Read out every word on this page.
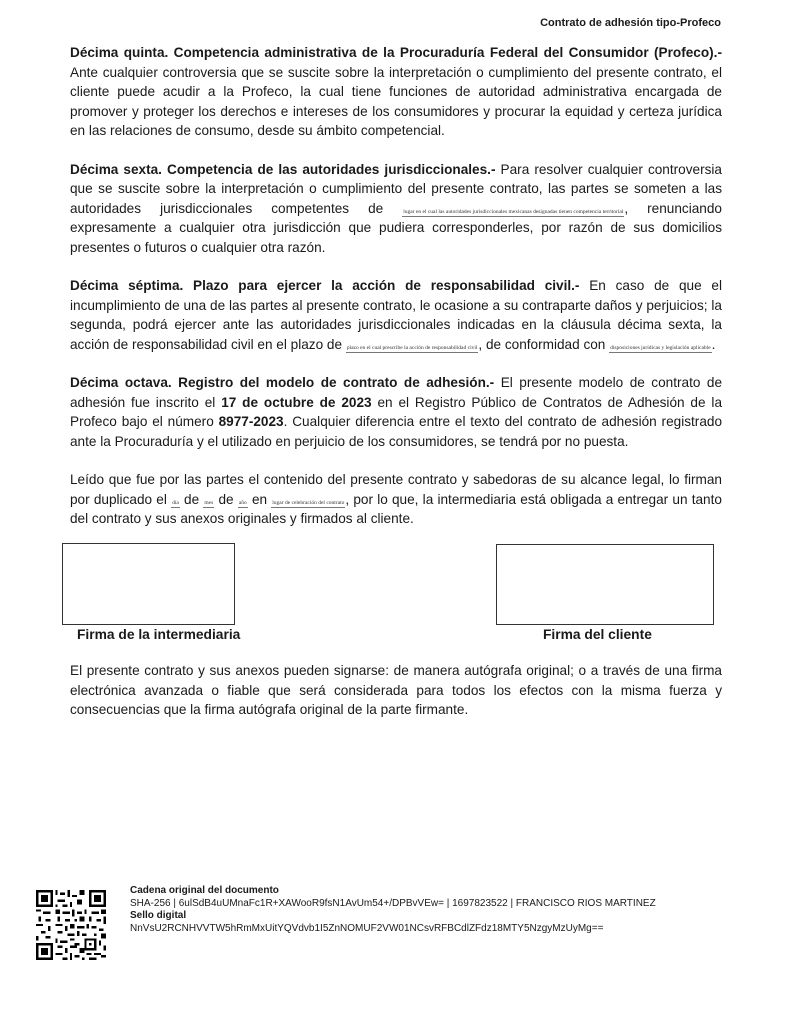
Contrato de adhesión tipo-Profeco

Décima quinta. Competencia administrativa de la Procuraduría Federal del Consumidor (Profeco).- Ante cualquier controversia que se suscite sobre la interpretación o cumplimiento del presente contrato, el cliente puede acudir a la Profeco, la cual tiene funciones de autoridad administrativa encargada de promover y proteger los derechos e intereses de los consumidores y procurar la equidad y certeza jurídica en las relaciones de consumo, desde su ámbito competencial.

Décima sexta. Competencia de las autoridades jurisdiccionales.- Para resolver cualquier controversia que se suscite sobre la interpretación o cumplimiento del presente contrato, las partes se someten a las autoridades jurisdiccionales competentes de	lugar en el cual las autoridades jurisdiccionales mexicanas designadas tienen competencia territorial, renunciando expresamente a cualquier otra jurisdicción que pudiera corresponderles, por razón de sus domicilios presentes o futuros o cualquier otra razón.

Décima séptima. Plazo para ejercer la acción de responsabilidad civil.- En caso de que el incumplimiento de una de las partes al presente contrato, le ocasione a su contraparte daños y perjuicios; la segunda, podrá ejercer ante las autoridades jurisdiccionales indicadas en la cláusula décima sexta, la acción de responsabilidad civil en el plazo de plazo en el cual prescribe la acción de responsabilidad civil, de conformidad con disposiciones jurídicas y legislación aplicable.

Décima octava. Registro del modelo de contrato de adhesión.- El presente modelo de contrato de adhesión fue inscrito el 17 de octubre de 2023 en el Registro Público de Contratos de Adhesión de la Profeco bajo el número 8977-2023. Cualquier diferencia entre el texto del contrato de adhesión registrado ante la Procuraduría y el utilizado en perjuicio de los consumidores, se tendrá por no puesta.

Leído que fue por las partes el contenido del presente contrato y sabedoras de su alcance legal, lo firman por duplicado el día de mes de año en lugar de celebración del contrato, por lo que, la intermediaria está obligada a entregar un tanto del contrato y sus anexos originales y firmados al cliente.

Firma de la intermediaria	Firma del cliente
El presente contrato y sus anexos pueden signarse: de manera autógrafa original; o a través de una firma electrónica avanzada o fiable que será considerada para todos los efectos con la misma fuerza y consecuencias que la firma autógrafa original de la parte firmante.
Cadena original del documento
SHA-256 | 6ulSdB4uUMnaFc1R+XAWooR9fsN1AvUm54+/DPBvVEw= | 1697823522 | FRANCISCO RIOS MARTINEZ
Sello digital
NnVsU2RCNHVVTW5hRmMxUitYQVdvb1I5ZnNOMUF2VW01NCsvRFBCdlZFdz18MTY5NzgyMzUyMg==
